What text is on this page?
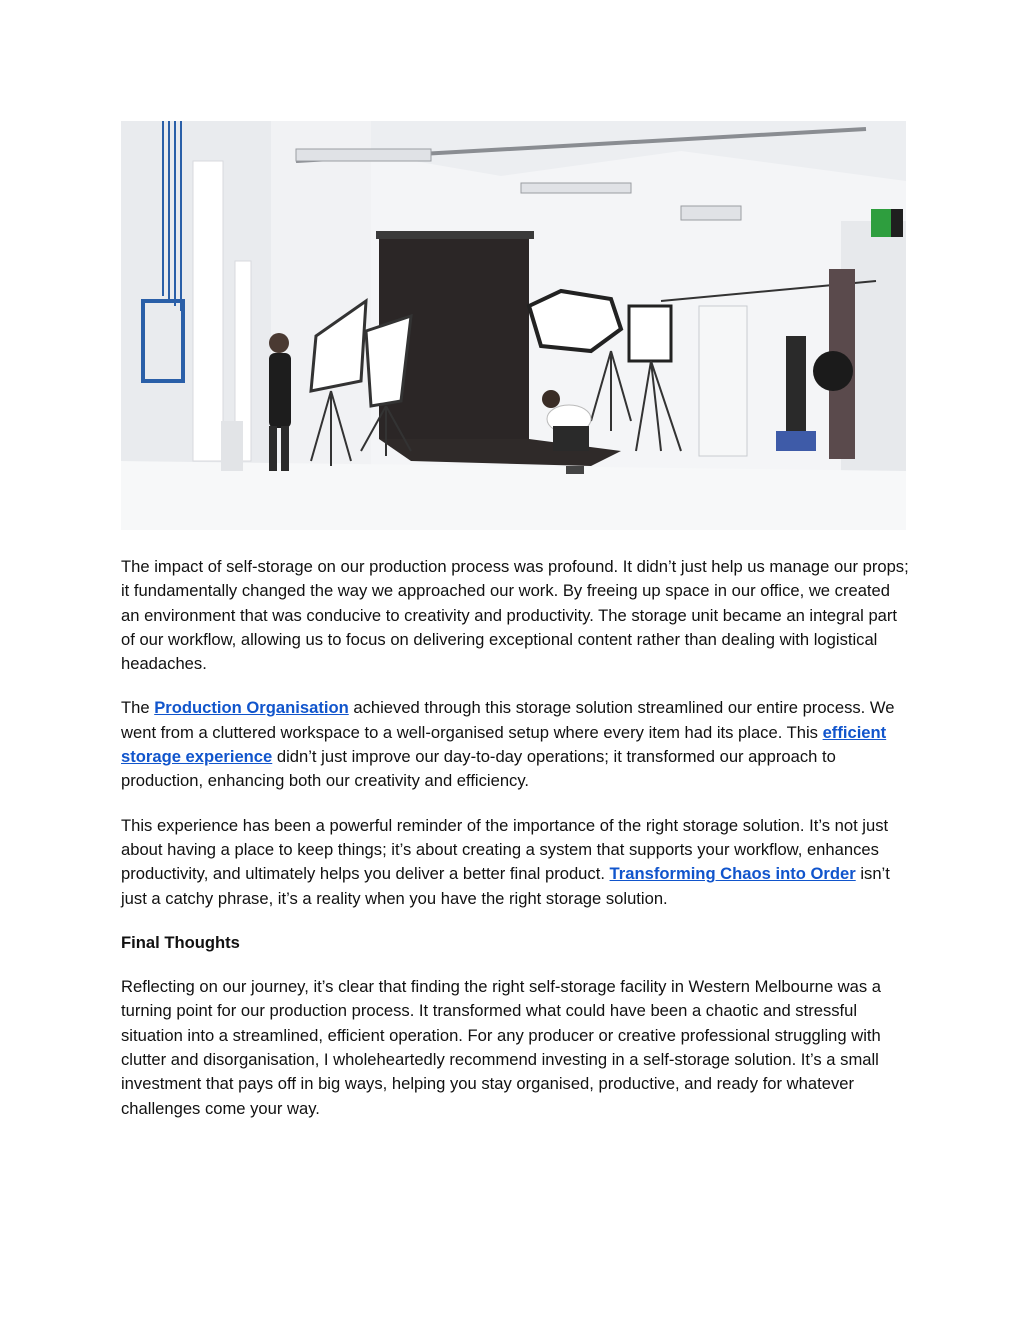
The impact of self-storage on our production process was profound. It didn’t just help us manage our props; it fundamentally changed the way we approached our work. By freeing up space in our office, we created an environment that was conducive to creativity and productivity. The storage unit became an integral part of our workflow, allowing us to focus on delivering exceptional content rather than dealing with logistical headaches.

The Production Organisation achieved through this storage solution streamlined our entire process. We went from a cluttered workspace to a well-organised setup where every item had its place. This efficient storage experience didn’t just improve our day-to-day operations; it transformed our approach to production, enhancing both our creativity and efficiency.

This experience has been a powerful reminder of the importance of the right storage solution. It’s not just about having a place to keep things; it’s about creating a system that supports your workflow, enhances productivity, and ultimately helps you deliver a better final product. Transforming Chaos into Order isn’t just a catchy phrase, it’s a reality when you have the right storage solution.

Final Thoughts

Reflecting on our journey, it’s clear that finding the right self-storage facility in Western Melbourne was a turning point for our production process. It transformed what could have been a chaotic and stressful situation into a streamlined, efficient operation. For any producer or creative professional struggling with clutter and disorganisation, I wholeheartedly recommend investing in a self-storage solution. It’s a small investment that pays off in big ways, helping you stay organised, productive, and ready for whatever challenges come your way.
